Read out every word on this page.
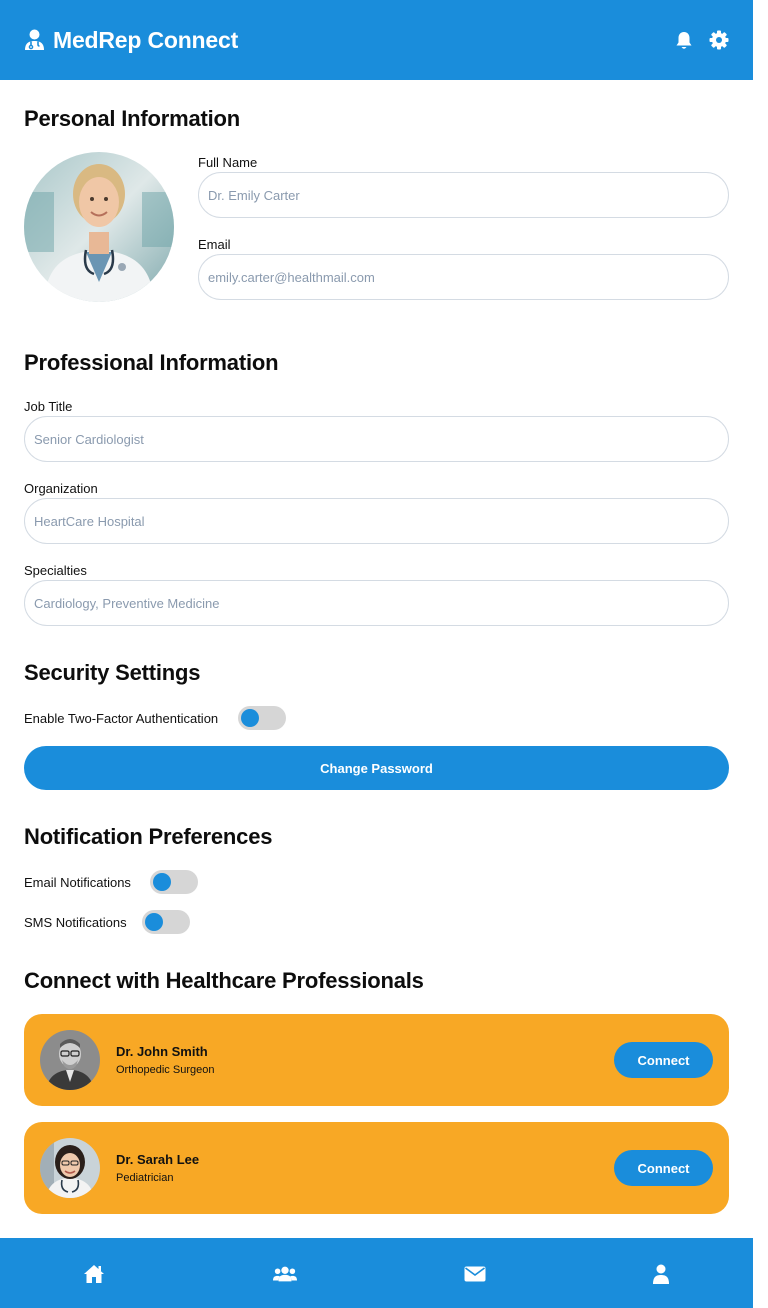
MedRep Connect
Personal Information
Full Name
Dr. Emily Carter
Email
emily.carter@healthmail.com
Professional Information
Job Title
Senior Cardiologist
Organization
HeartCare Hospital
Specialties
Cardiology, Preventive Medicine
Security Settings
Enable Two-Factor Authentication
Change Password
Notification Preferences
Email Notifications
SMS Notifications
Connect with Healthcare Professionals
Dr. John Smith
Orthopedic Surgeon
Connect
Dr. Sarah Lee
Pediatrician
Connect
